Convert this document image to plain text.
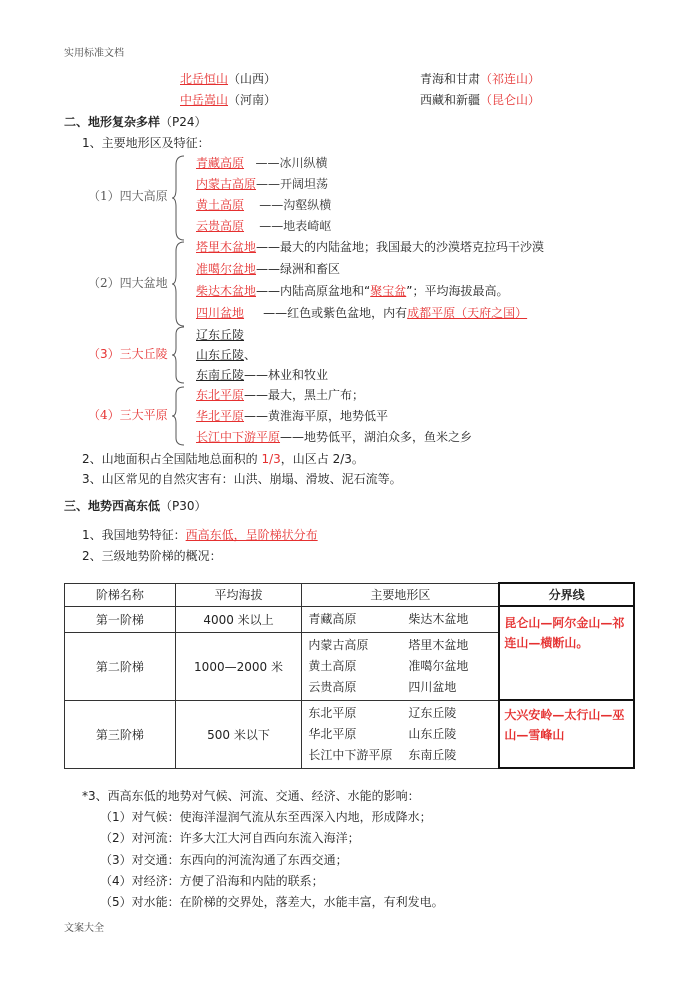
实用标准文档
北岳恒山（山西）
中岳嵩山（河南）
青海和甘肃（祁连山）
西藏和新疆（昆仑山）
二、地形复杂多样（P24）
1、主要地形区及特征：
（1）四大高原
青藏高原 ——冰川纵横
内蒙古高原——开阔坦荡
黄土高原 ——沟壑纵横
云贵高原 ——地表崎岖
（2）四大盆地
塔里木盆地——最大的内陆盆地；我国最大的沙漠塔克拉玛干沙漠
准噶尔盆地——绿洲和畜区
柴达木盆地——内陆高原盆地和“聚宝盆”；平均海拔最高。
四川盆地 ——红色或紫色盆地，内有成都平原（天府之国）
（3）三大丘陵
辽东丘陵
山东丘陵、
东南丘陵——林业和牧业
（4）三大平原
东北平原——最大，黑土广布；
华北平原——黄淮海平原，地势低平
长江中下游平原——地势低平，湖泊众多，鱼米之乡
2、山地面积占全国陆地总面积的 1/3，山区占 2/3。
3、山区常见的自然灾害有：山洪、崩塌、滑坡、泥石流等。
三、地势西高东低（P30）
1、我国地势特征：西高东低，呈阶梯状分布
2、三级地势阶梯的概况：
阶梯名称	平均海拔	主要地形区	分界线
第一阶梯	4000 米以上	青藏高原 柴达木盆地	昆仑山—阿尔金山—祁连山—横断山。

第二阶梯	1000—2000 米	内蒙古高原 塔里木盆地
黄土高原 准噶尔盆地
云贵高原 四川盆地	

第三阶梯	500 米以下	东北平原 辽东丘陵
华北平原 山东丘陵
长江中下游平原 东南丘陵	大兴安岭—太行山—巫山—雪峰山
*3、西高东低的地势对气候、河流、交通、经济、水能的影响：
（1）对气候：使海洋湿润气流从东至西深入内地，形成降水；
（2）对河流：许多大江大河自西向东流入海洋；
（3）对交通：东西向的河流沟通了东西交通；
（4）对经济：方便了沿海和内陆的联系；
（5）对水能：在阶梯的交界处，落差大，水能丰富，有利发电。
文案大全
